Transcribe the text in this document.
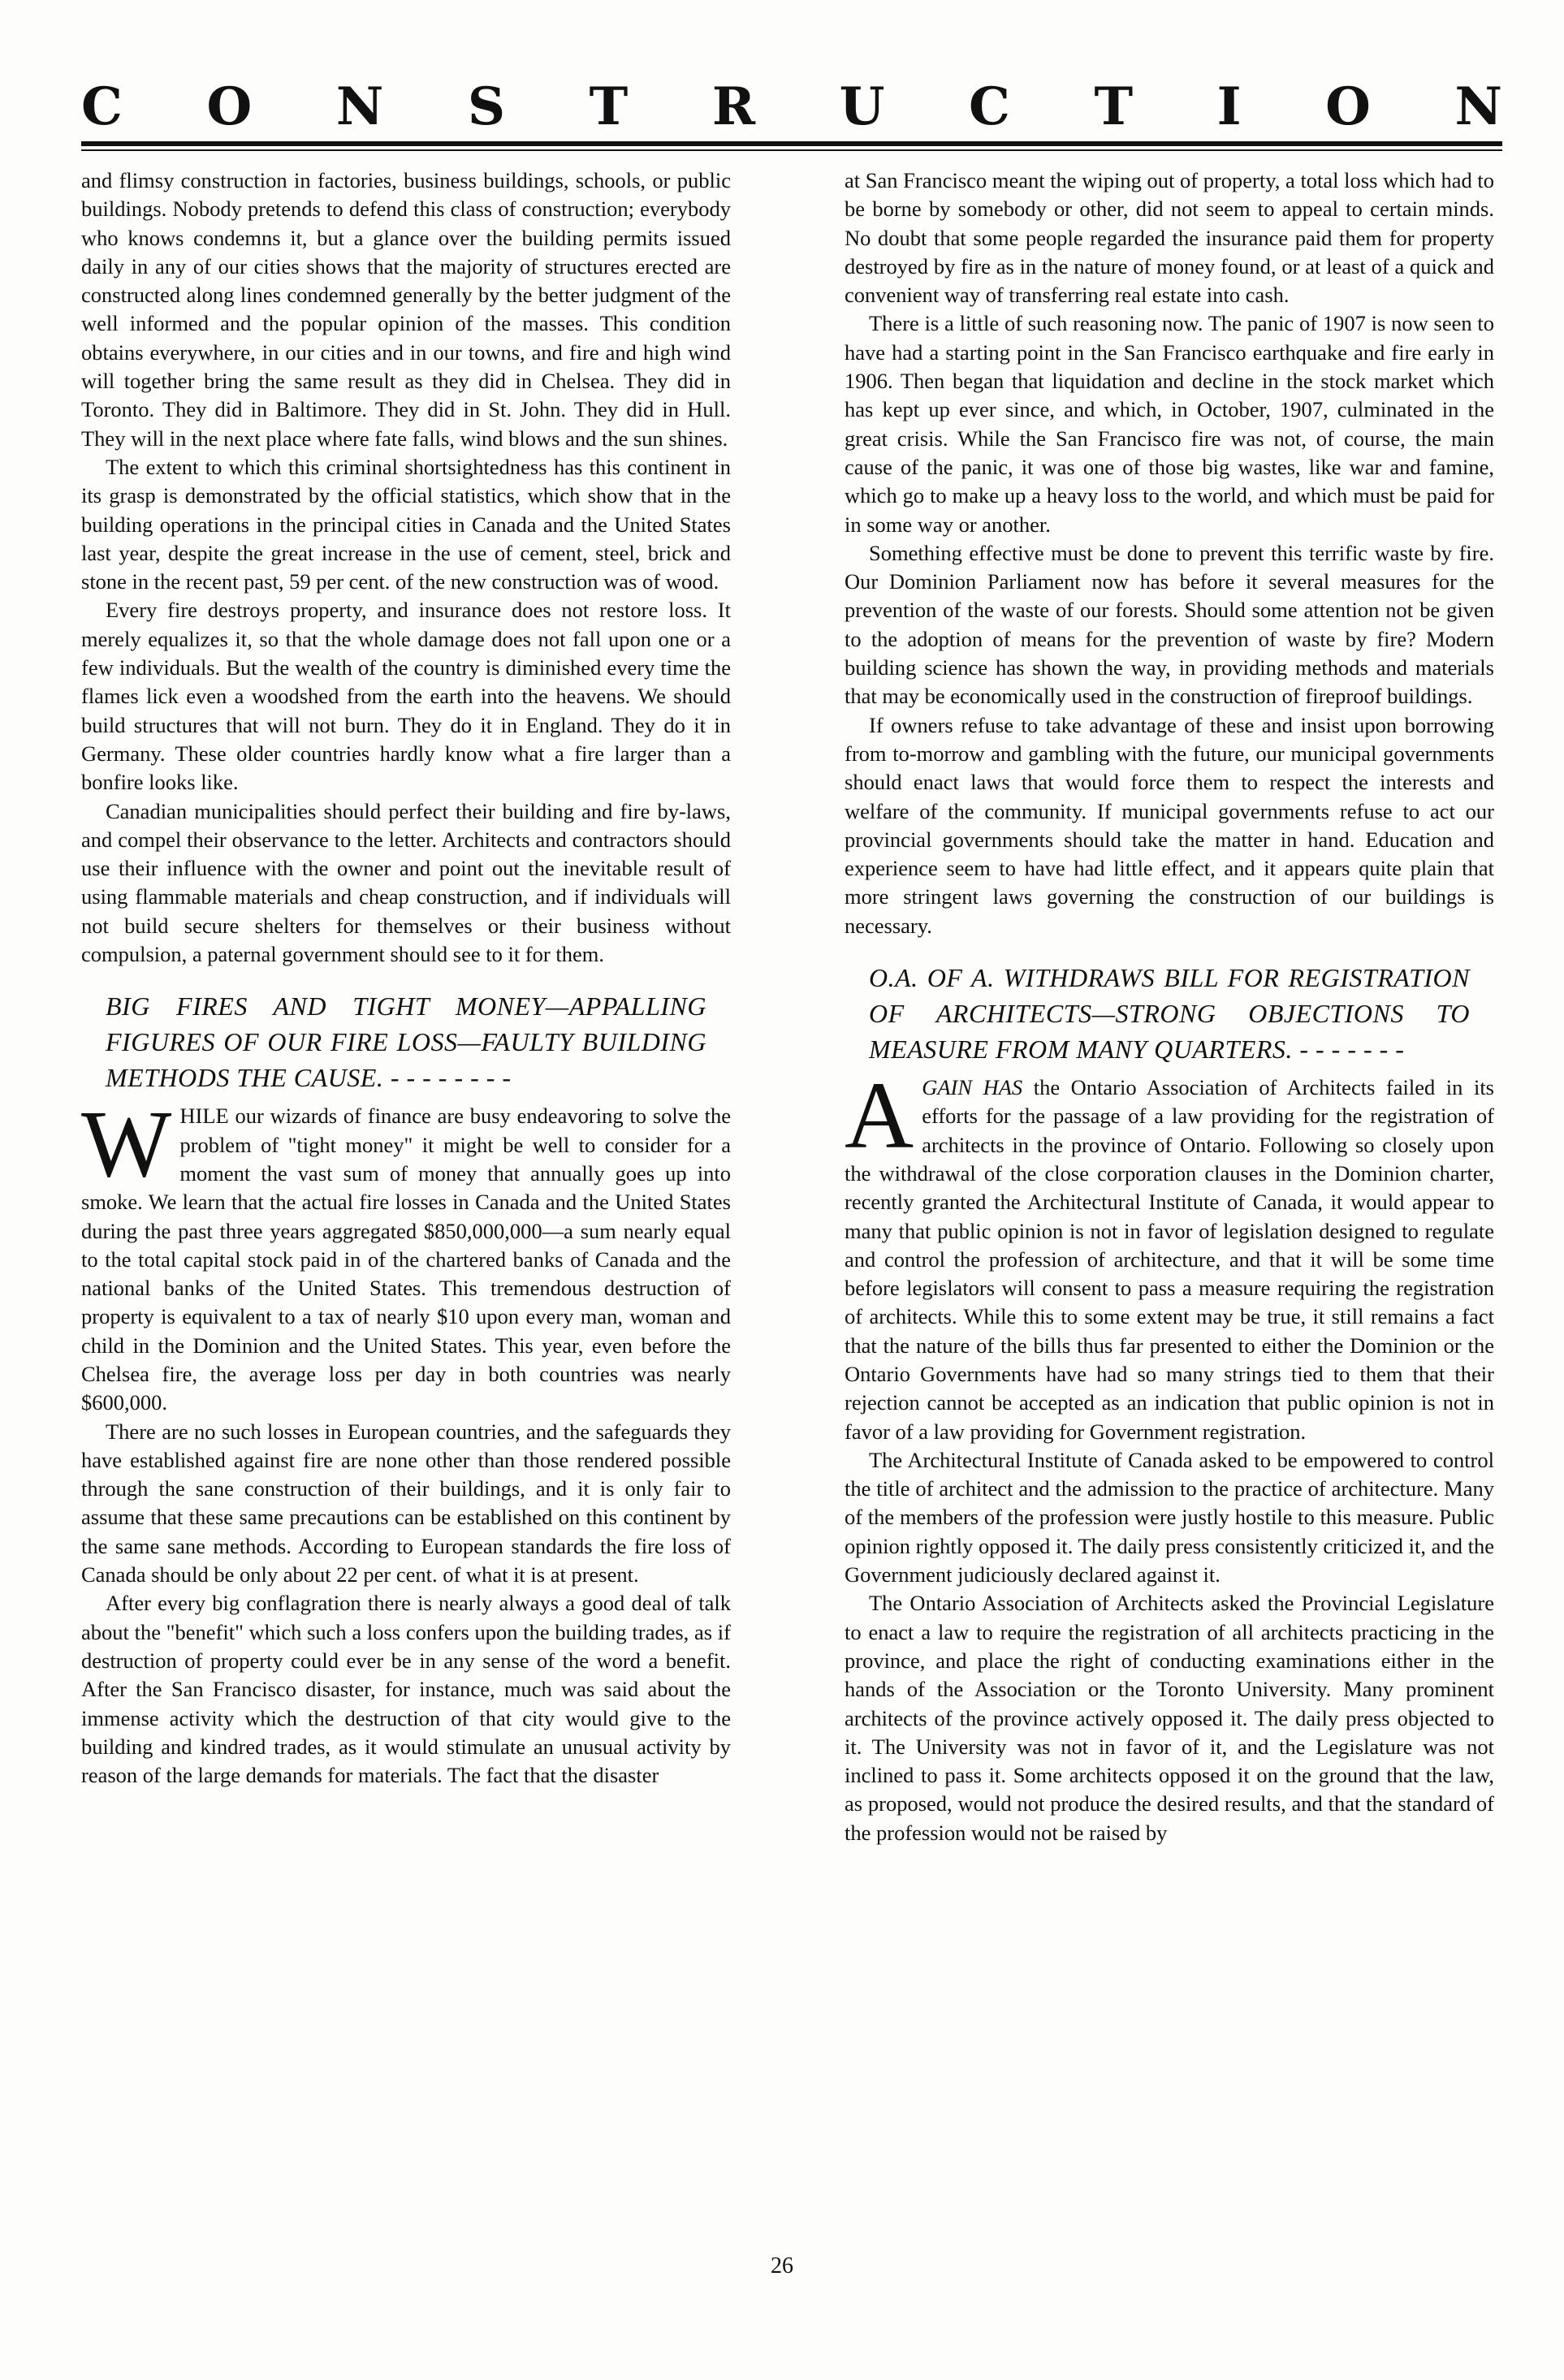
C O N S T R U C T I O N

and flimsy construction in factories, business buildings, schools, or public buildings. Nobody pretends to defend this class of construction; everybody who knows condemns it, but a glance over the building permits issued daily in any of our cities shows that the majority of structures erected are constructed along lines condemned generally by the better judgment of the well informed and the popular opinion of the masses. This condition obtains everywhere, in our cities and in our towns, and fire and high wind will together bring the same result as they did in Chelsea. They did in Toronto. They did in Baltimore. They did in St. John. They did in Hull. They will in the next place where fate falls, wind blows and the sun shines.

The extent to which this criminal shortsightedness has this continent in its grasp is demonstrated by the official statistics, which show that in the building operations in the principal cities in Canada and the United States last year, despite the great increase in the use of cement, steel, brick and stone in the recent past, 59 per cent. of the new construction was of wood.

Every fire destroys property, and insurance does not restore loss. It merely equalizes it, so that the whole damage does not fall upon one or a few individuals. But the wealth of the country is diminished every time the flames lick even a woodshed from the earth into the heavens. We should build structures that will not burn. They do it in England. They do it in Germany. These older countries hardly know what a fire larger than a bonfire looks like.

Canadian municipalities should perfect their building and fire by-laws, and compel their observance to the letter. Architects and contractors should use their influence with the owner and point out the inevitable result of using flammable materials and cheap construction, and if individuals will not build secure shelters for themselves or their business without compulsion, a paternal government should see to it for them.

BIG FIRES AND TIGHT MONEY—APPALLING FIGURES OF OUR FIRE LOSS—FAULTY BUILDING METHODS THE CAUSE. - - - - - - - -

WHILE our wizards of finance are busy endeavoring to solve the problem of "tight money" it might be well to consider for a moment the vast sum of money that annually goes up into smoke. We learn that the actual fire losses in Canada and the United States during the past three years aggregated $850,000,000—a sum nearly equal to the total capital stock paid in of the chartered banks of Canada and the national banks of the United States. This tremendous destruction of property is equivalent to a tax of nearly $10 upon every man, woman and child in the Dominion and the United States. This year, even before the Chelsea fire, the average loss per day in both countries was nearly $600,000.

There are no such losses in European countries, and the safeguards they have established against fire are none other than those rendered possible through the sane construction of their buildings, and it is only fair to assume that these same precautions can be established on this continent by the same sane methods. According to European standards the fire loss of Canada should be only about 22 per cent. of what it is at present.

After every big conflagration there is nearly always a good deal of talk about the "benefit" which such a loss confers upon the building trades, as if destruction of property could ever be in any sense of the word a benefit. After the San Francisco disaster, for instance, much was said about the immense activity which the destruction of that city would give to the building and kindred trades, as it would stimulate an unusual activity by reason of the large demands for materials. The fact that the disaster

at San Francisco meant the wiping out of property, a total loss which had to be borne by somebody or other, did not seem to appeal to certain minds. No doubt that some people regarded the insurance paid them for property destroyed by fire as in the nature of money found, or at least of a quick and convenient way of transferring real estate into cash.

There is a little of such reasoning now. The panic of 1907 is now seen to have had a starting point in the San Francisco earthquake and fire early in 1906. Then began that liquidation and decline in the stock market which has kept up ever since, and which, in October, 1907, culminated in the great crisis. While the San Francisco fire was not, of course, the main cause of the panic, it was one of those big wastes, like war and famine, which go to make up a heavy loss to the world, and which must be paid for in some way or another.

Something effective must be done to prevent this terrific waste by fire. Our Dominion Parliament now has before it several measures for the prevention of the waste of our forests. Should some attention not be given to the adoption of means for the prevention of waste by fire? Modern building science has shown the way, in providing methods and materials that may be economically used in the construction of fireproof buildings.

If owners refuse to take advantage of these and insist upon borrowing from to-morrow and gambling with the future, our municipal governments should enact laws that would force them to respect the interests and welfare of the community. If municipal governments refuse to act our provincial governments should take the matter in hand. Education and experience seem to have had little effect, and it appears quite plain that more stringent laws governing the construction of our buildings is necessary.

O.A. OF A. WITHDRAWS BILL FOR REGISTRATION OF ARCHITECTS—STRONG OBJECTIONS TO MEASURE FROM MANY QUARTERS. - - - - - - -

AGAIN HAS the Ontario Association of Architects failed in its efforts for the passage of a law providing for the registration of architects in the province of Ontario. Following so closely upon the withdrawal of the close corporation clauses in the Dominion charter, recently granted the Architectural Institute of Canada, it would appear to many that public opinion is not in favor of legislation designed to regulate and control the profession of architecture, and that it will be some time before legislators will consent to pass a measure requiring the registration of architects. While this to some extent may be true, it still remains a fact that the nature of the bills thus far presented to either the Dominion or the Ontario Governments have had so many strings tied to them that their rejection cannot be accepted as an indication that public opinion is not in favor of a law providing for Government registration.

The Architectural Institute of Canada asked to be empowered to control the title of architect and the admission to the practice of architecture. Many of the members of the profession were justly hostile to this measure. Public opinion rightly opposed it. The daily press consistently criticized it, and the Government judiciously declared against it.

The Ontario Association of Architects asked the Provincial Legislature to enact a law to require the registration of all architects practicing in the province, and place the right of conducting examinations either in the hands of the Association or the Toronto University. Many prominent architects of the province actively opposed it. The daily press objected to it. The University was not in favor of it, and the Legislature was not inclined to pass it. Some architects opposed it on the ground that the law, as proposed, would not produce the desired results, and that the standard of the profession would not be raised by

26
